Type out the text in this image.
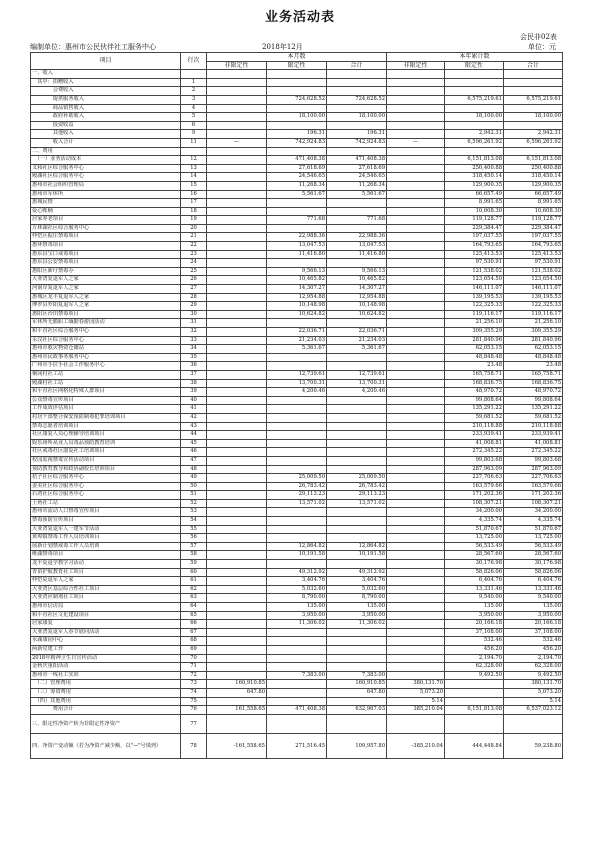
业务活动表
会民非02表
编制单位：惠州市公民伙伴社工服务中心	2018年12月	单位：元
项目	行次	本月数			本年累计数		
		非限定性	限定性	合计	非限定性	限定性	合计
一、收入							
　其中：捐赠收入	1						
　　　　会费收入	2						
　　　　提供服务收入	3		724,628.52	724,628.52		6,575,219.61	6,575,219.61
　　　　商品销售收入	4						
　　　　政府补助收入	5		18,100.00	18,100.00		18,100.00	18,100.00
　　　　投资收益	6						
　　　　其他收入	9		196.31	196.31		2,942.31	2,942.31
　　　　收入合计	11	—	742,924.83	742,924.83	—	6,596,261.92	6,596,261.92
二、费用							
　（一）业务活动成本	12		471,408.38	471,408.38		6,151,813.08	6,151,813.08
义和社区综合服务中心	13		27,618.69	27,618.69		250,400.88	250,400.88
殿湖社区综合服务中心	14		24,546.65	24,546.65		318,450.14	318,450.14
惠州市社会组织管理局	15		11,268.34	11,268.34		129,900.35	129,900.35
惠州市军休所	16		5,561.67	5,561.67		66,657.49	66,657.49
惠城民情	17					8,991.65	8,991.65
爱心帐桶	18					10,608.30	10,608.30
居家养老项目	19		771.68	771.68		119,128.77	119,128.77
万林湖社区综合服务中心	20					229,384.47	229,384.47
仲恺区振庄禁毒项目	21		22,988.36	22,988.36		197,037.55	197,037.55
惠环禁毒项目	22		13,047.53	13,047.53		164,793.65	164,793.65
惠东县宝口戒毒项目	23		11,416.80	11,416.80		125,413.53	125,413.53
惠东县公安禁毒项目	24					97,530.91	97,530.91
惠阳区新圩禁毒办	25		9,566.13	9,566.13		121,538.02	121,538.02
大亚湾复退军人之家	26		10,465.82	10,465.82		123,654.50	123,654.50
河南岸复退军人之家	27		14,307.27	14,307.27		146,111.07	146,111.07
惠城区龙丰复退军人之家	28		12,954.88	12,954.88		139,195.53	139,195.53
博罗县罗阳复退军人之家	29		10,148.98	10,148.98		122,325.33	122,325.33
惠阳区沙田禁毒项目	30		10,624.82	10,624.82		119,116.17	119,116.17
军休所无膜职工缅勤春游园活动	31					21,256.10	21,256.10
和平直社区综合服务中心	32		22,036.71	22,036.71		309,355.29	309,355.29
永汉社区综合服务中心	33		21,234.03	21,234.03		281,840.96	281,840.96
惠州市救灾物资仓储站	34		5,361.67	5,361.67		62,053.15	62,053.15
惠州市民政事务服务中心	35					48,848.48	48,848.48
广州市手拉手社会工作服务中心	36					23.48	23.48
桐冈村社工站	37		12,739.61	12,739.61		165,758.71	165,758.71
殿湖村社工站	38		13,700.31	13,700.31		168,836.75	168,836.75
和平直社区网格化特殊人群项目	39		4,200.46	4,200.46		48,970.72	48,970.72
公众禁毒宣传项目	40					99,808.64	99,808.64
工作成效评估项目	41					135,291.22	135,291.22
村居干部整合保安预防制毒犯罪培训项目	42					59,681.52	59,681.52
禁毒志愿者培训项目	43					210,118.88	210,118.88
社区康复人员心理辅导培训项目	44					233,939.41	233,939.41
娱乐场所从业人员毒品预防教育培训	45					41,008.81	41,008.81
社区戒毒社区康复社工培训项目	46					272,345.22	272,345.22
校园监视禁毒宣传活动项目	47					99,803.68	99,803.68
预防教育教导和政协副校长培训项目	48					287,963.09	287,963.09
桔子社区综合服务中心	49		25,009.50	25,009.50		227,706.63	227,706.63
姜美社区综合服务中心	50		26,783.42	26,783.42		163,579.66	163,579.66
石湾社区综合服务中心	51		29,113.23	29,113.23		171,202.36	171,202.36
土角社工站	52		13,571.02	13,571.02		108,307.21	108,307.21
惠州市流动人口禁毒宣传项目	53					34,200.00	34,200.00
禁毒预防宣传项目	54					4,335.74	4,335.74
大亚湾复退军人一建军节活动	55					51,870.67	51,870.67
黄埠镇禁毒工作人员培训项目	56					13,725.00	13,725.00
展新计划禁戒毒工作人员培训	57		12,864.82	12,864.82		56,533.49	56,533.49
维湖禁毒项目	58		10,191.58	10,191.58		28,567.60	28,567.60
龙丰复退学教学习活动	59					30,176.98	30,176.98
青苗护航教育社工项目	60		49,312.92	49,312.92		58,826.06	58,826.06
仲恺复退军人之家	61		3,404.76	3,404.76		6,404.76	6,404.76
大亚湾区基层综合性社工项目	62		5,032.60	5,032.60		13,331.46	13,331.46
大亚湾应制剂社工项目	63		8,790.00	8,790.00		9,540.00	9,540.00
惠州市信访局	64		135.00	135.00		135.00	135.00
和平直社区文化建设项目	65		3,950.00	3,950.00		3,950.00	3,950.00
居家康复	66		11,306.02	11,306.02		20,166.18	20,166.18
大亚湾复退军人春节慰问活动	67					37,108.00	37,108.00
水湖康园中心	68					532.46	532.46
两新党建工作	69					456.20	456.20
2018年精神卫生日宣传活动	70					2,194.70	2,194.70
金秋庆重阳活动	71					62,328.00	62,328.00
惠州市一线社工实训	72		7,383.00	7,383.00		9,492.50	9,492.50
　（二）管理费用	73	160,910.85		160,910.85	380,131.70		380,131.70
　（三）筹资费用	74	647.80		647.80	5,073.20		5,073.20
　（四）其他费用	75				5.14		5.14
　　　　费用合计	76	161,558.65	471,408.38	632,967.03	385,210.04	6,151,813.08	6,537,023.12
三、限定性净资产转为非限定性净资产	77						
四、净资产变动额（若为净资产减少额，以"—"号填列）	78	-161,558.65	271,516.45	109,957.80	-385,210.04	444,448.84	59,238.80
